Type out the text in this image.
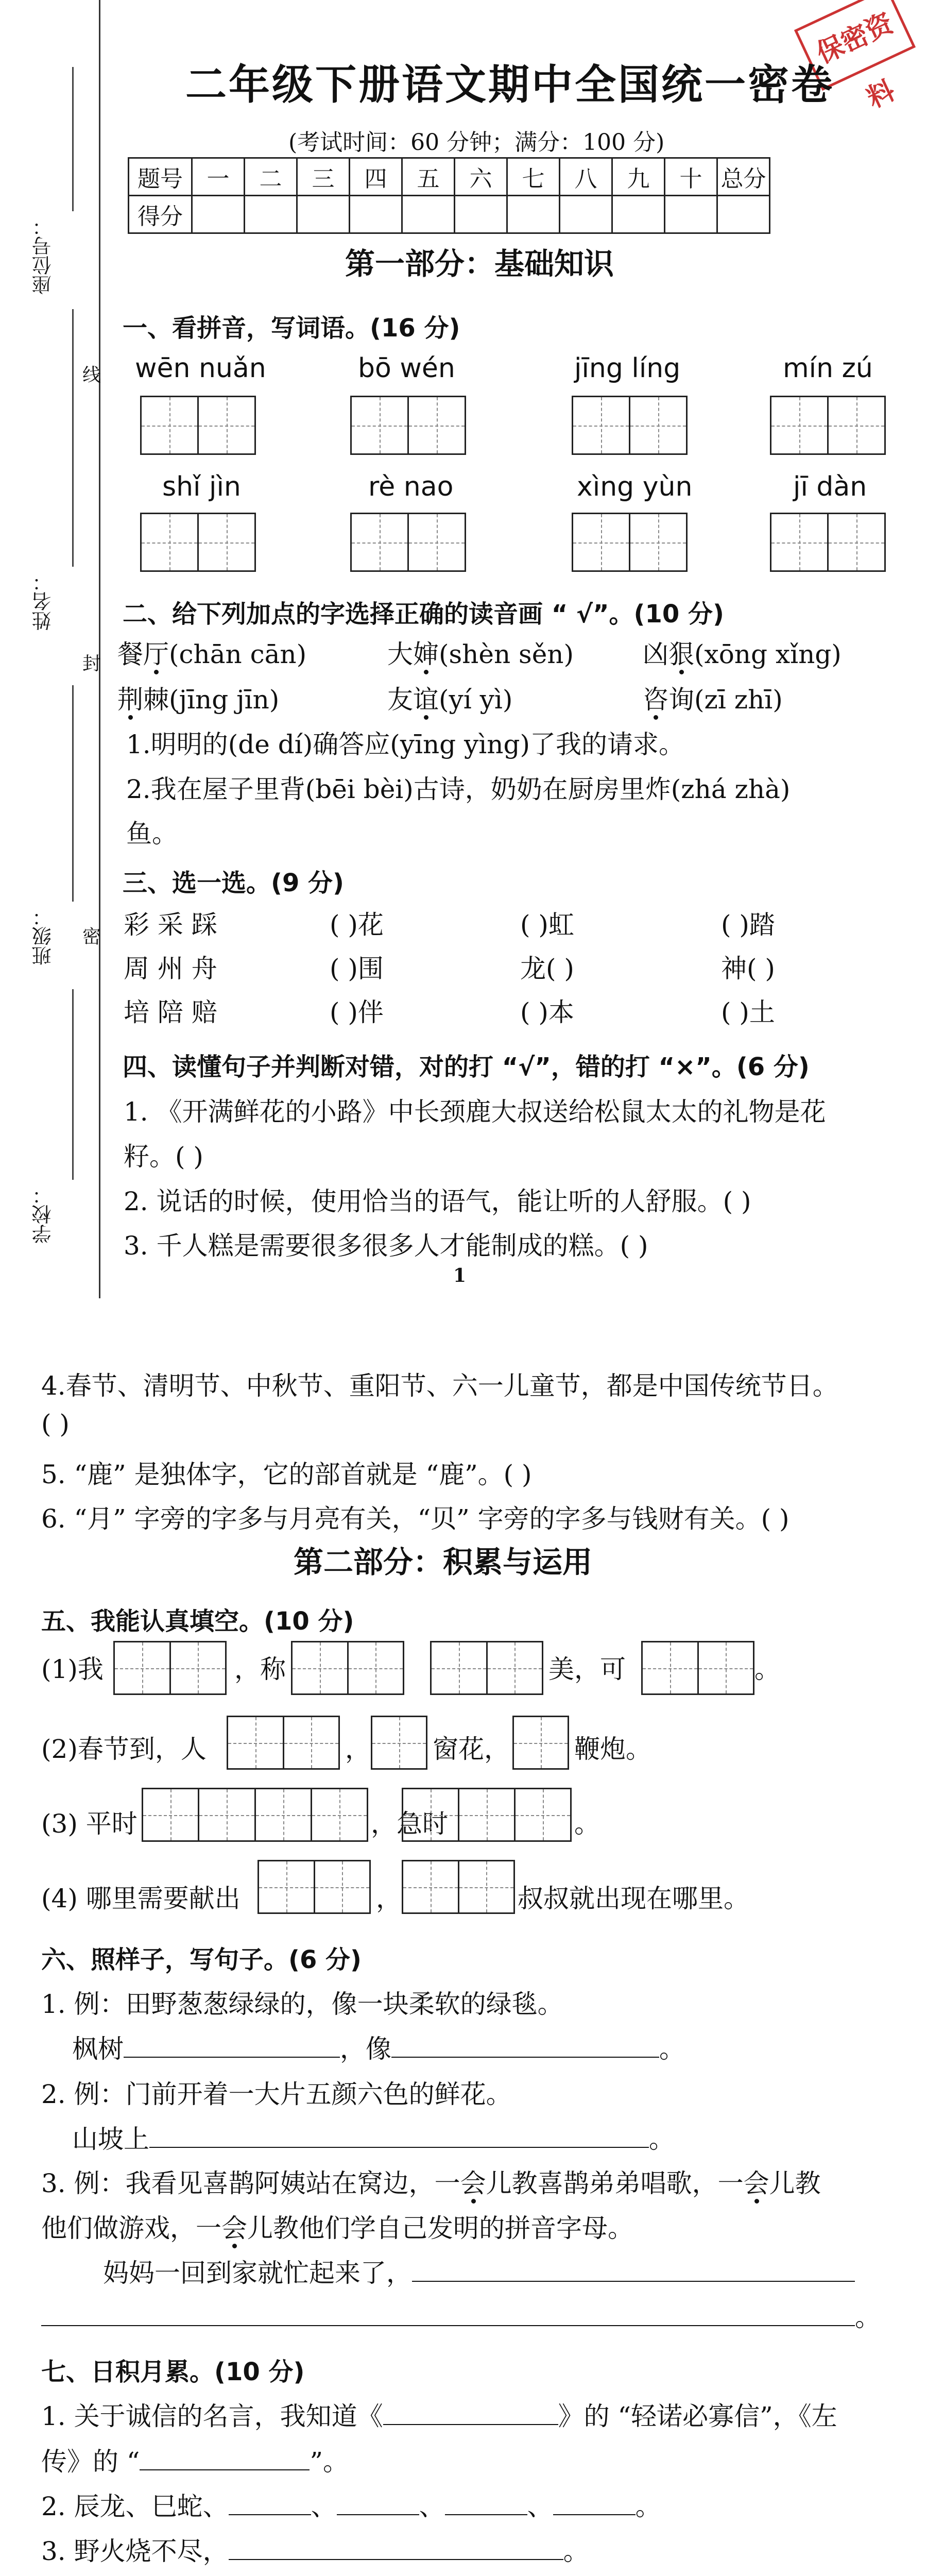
座位号：
姓名：
班级：
学校：
线
封
密
保密资料
二年级下册语文期中全国统一密卷
(考试时间：60 分钟；满分：100 分)
题号	一	二	三	四	五	六	七	八	九	十	总分
得分											
第一部分：基础知识
一、看拼音，写词语。(16 分)
wēn nuǎn	bō wén	jīng líng	mín zú
shǐ jìn	rè nao	xìng yùn	jī dàn
二、给下列加点的字选择正确的读音画 “ √”。(10 分)
餐厅(chān cān)	大婶(shèn sěn)	凶狠(xōng xǐng)
荆棘(jīng jīn)	友谊(yí yì)	咨询(zī zhī)
1.明明的(de dí)确答应(yīng yìng)了我的请求。
2.我在屋子里背(bēi bèi)古诗，奶奶在厨房里炸(zhá zhà)
鱼。
三、选一选。(9 分)
彩 采 踩	( )花	( )虹	( )踏
周 州 舟	( )围	龙( )	神( )
培 陪 赔	( )伴	( )本	( )土
四、读懂句子并判断对错，对的打 “√”，错的打 “×”。(6 分)
1. 《开满鲜花的小路》中长颈鹿大叔送给松鼠太太的礼物是花
籽。( )
2. 说话的时候，使用恰当的语气，能让听的人舒服。( )
3. 千人糕是需要很多很多人才能制成的糕。( )
1
4.春节、清明节、中秋节、重阳节、六一儿童节，都是中国传统节日。
( )
5. “鹿” 是独体字，它的部首就是 “鹿”。( )
6. “月” 字旁的字多与月亮有关，“贝” 字旁的字多与钱财有关。( )
第二部分：积累与运用
五、我能认真填空。(10 分)
(1)我	，称	美，可	。
(2)春节到，人	， 窗花，	鞭炮。
(3) 平时	，急时	。
(4) 哪里需要献出	，	叔叔就出现在哪里。
六、照样子，写句子。(6 分)
1. 例：田野葱葱绿绿的，像一块柔软的绿毯。
枫树	，像	。
2. 例：门前开着一大片五颜六色的鲜花。
山坡上	。
3. 例：我看见喜鹊阿姨站在窝边，一会儿教喜鹊弟弟唱歌，一会儿教
他们做游戏，一会儿教他们学自己发明的拼音字母。
妈妈一回到家就忙起来了，
。
七、日积月累。(10 分)
1. 关于诚信的名言，我知道《	》的 “轻诺必寡信”，《左
传》的 “	”。
2. 辰龙、巳蛇、	、	、	、	。
3. 野火烧不尽，	。
